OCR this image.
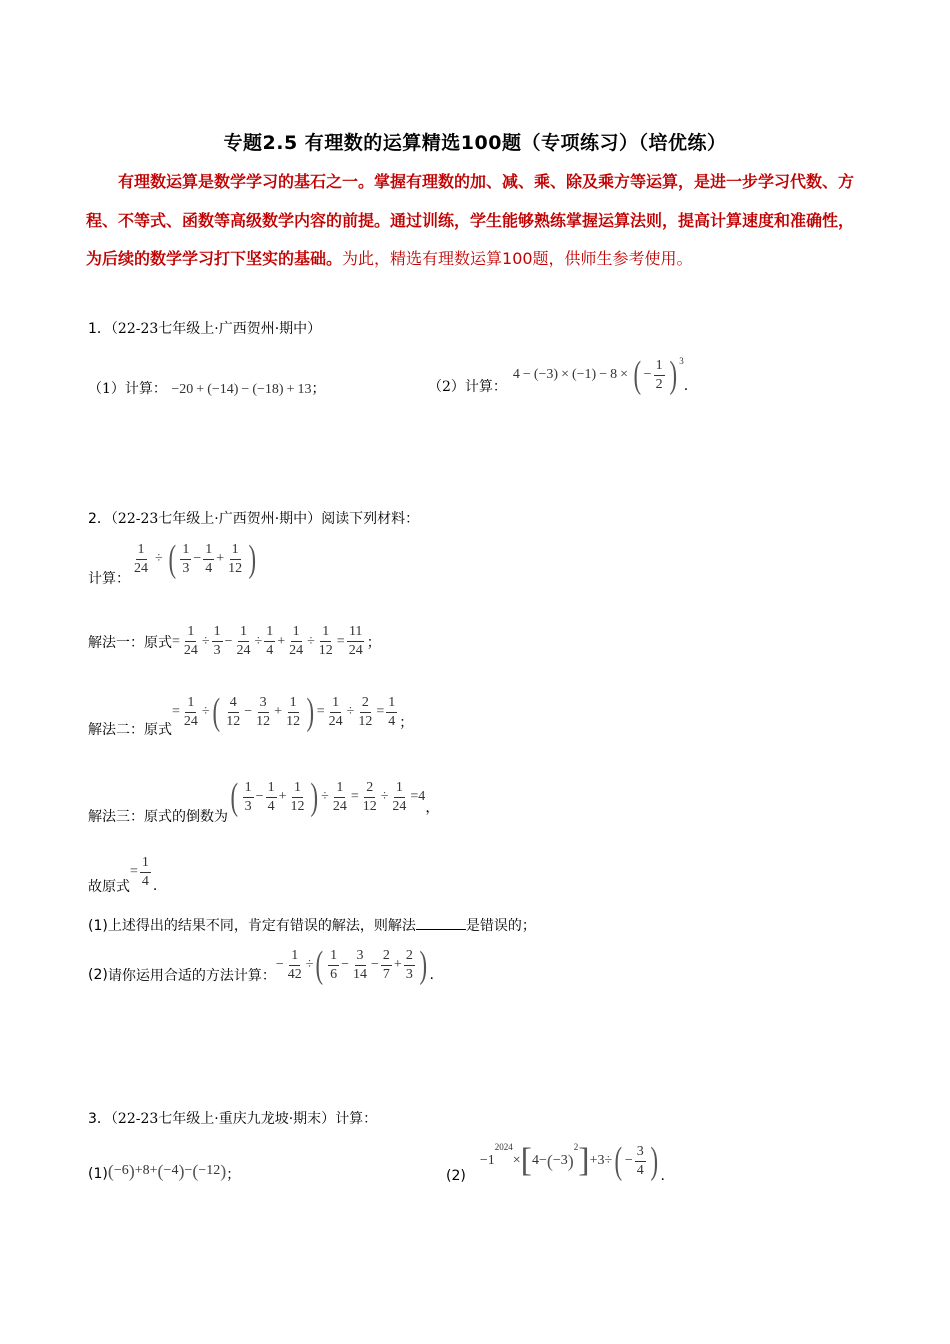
专题2.5 有理数的运算精选100题（专项练习）（培优练）
有理数运算是数学学习的基石之一。掌握有理数的加、减、乘、除及乘方等运算，是进一步学习代数、方程、不等式、函数等高级数学内容的前提。通过训练，学生能够熟练掌握运算法则，提高计算速度和准确性，为后续的数学学习打下坚实的基础。为此，精选有理数运算100题，供师生参考使用。
1．（22-23七年级上·广西贺州·期中）
（1）计算： −20 + (−14) − (−18) + 13；	（2）计算：
4 − (−3) × (−1) − 8 × ( − $\frac{1}{2}$ ) $^3$
.
2．（22-23七年级上·广西贺州·期中）阅读下列材料：
计算：
$\frac{1}{24}$ ÷ ( $\frac{1}{3} - \frac{1}{4} + \frac{1}{12}$ )
解法一：原式 = $\frac{1}{24} \div \frac{1}{3} - \frac{1}{24} \div \frac{1}{4} + \frac{1}{24} \div \frac{1}{12} = \frac{11}{24}$ ；
解法二：原式
= $\frac{1}{24}$ ÷ ( $\frac{4}{12} - \frac{3}{12} + \frac{1}{12}$ ) = $\frac{1}{24} \div \frac{2}{12} = \frac{1}{4}$ ；
解法三：原式的倒数为 ( $\frac{1}{3} - \frac{1}{4} + \frac{1}{12}$ ) ÷ $\frac{1}{24} = \frac{2}{12} \div \frac{1}{24} =4$
，
故原式
= $\frac{1}{4}$ .
(1)上述得出的结果不同，肯定有错误的解法，则解法	是错误的；
(2) 请你运用合适的方法计算：
− $\frac{1}{42}$ ÷ ( $\frac{1}{6} - \frac{3}{14} - \frac{2}{7} + \frac{2}{3}$ ) .
3．（22-23七年级上·重庆九龙坡·期末）计算：
(1) ( −6 ) +8+ ( −4 ) − ( −12 ) ；	(2)
−1
2024
× [ 4− ( −3 )
$^2$ ] +3÷ ( − $\frac{3}{4}$ ) .
